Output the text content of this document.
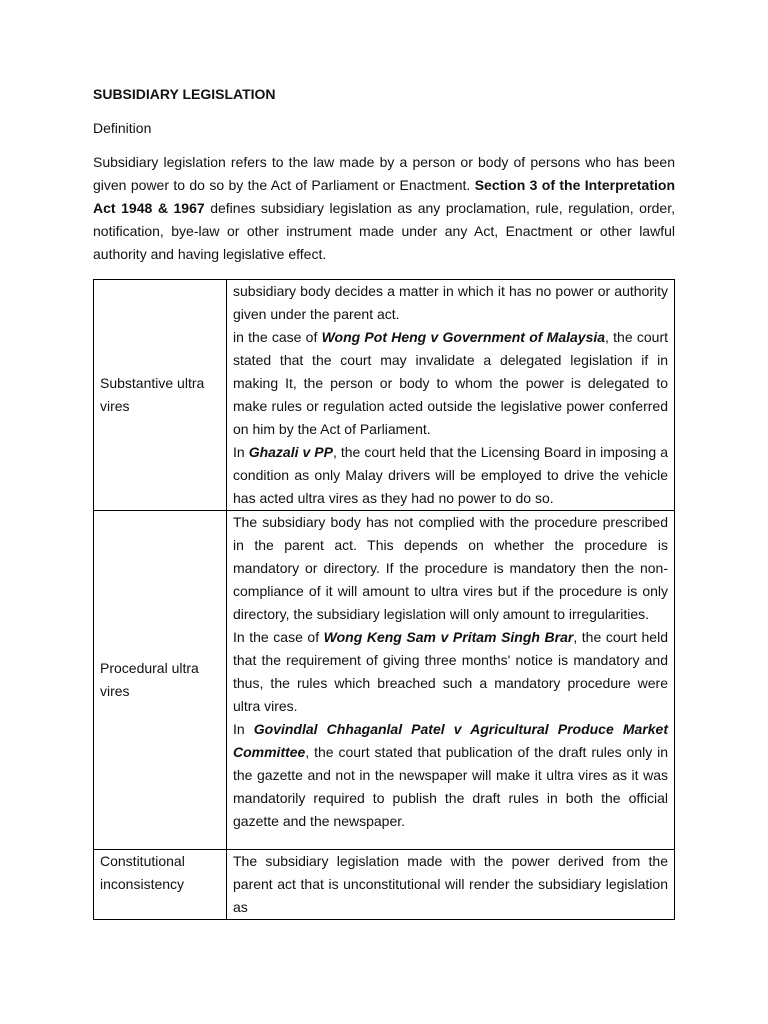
SUBSIDIARY LEGISLATION
Definition

Subsidiary legislation refers to the law made by a person or body of persons who has been given power to do so by the Act of Parliament or Enactment. Section 3 of the Interpretation Act 1948 & 1967 defines subsidiary legislation as any proclamation, rule, regulation, order, notification, bye-law or other instrument made under any Act, Enactment or other lawful authority and having legislative effect.

Substantive ultra vires	subsidiary body decides a matter in which it has no power or authority given under the parent act.

in the case of Wong Pot Heng v Government of Malaysia, the court stated that the court may invalidate a delegated legislation if in making It, the person or body to whom the power is delegated to make rules or regulation acted outside the legislative power conferred on him by the Act of Parliament.

In Ghazali v PP, the court held that the Licensing Board in imposing a condition as only Malay drivers will be employed to drive the vehicle has acted ultra vires as they had no power to do so.

Procedural ultra vires	The subsidiary body has not complied with the procedure prescribed in the parent act. This depends on whether the procedure is mandatory or directory. If the procedure is mandatory then the non-compliance of it will amount to ultra vires but if the procedure is only directory, the subsidiary legislation will only amount to irregularities.

In the case of Wong Keng Sam v Pritam Singh Brar, the court held that the requirement of giving three months' notice is mandatory and thus, the rules which breached such a mandatory procedure were ultra vires.

In Govindlal Chhaganlal Patel v Agricultural Produce Market Committee, the court stated that publication of the draft rules only in the gazette and not in the newspaper will make it ultra vires as it was mandatorily required to publish the draft rules in both the official gazette and the newspaper.

Constitutional inconsistency	The subsidiary legislation made with the power derived from the parent act that is unconstitutional will render the subsidiary legislation as
